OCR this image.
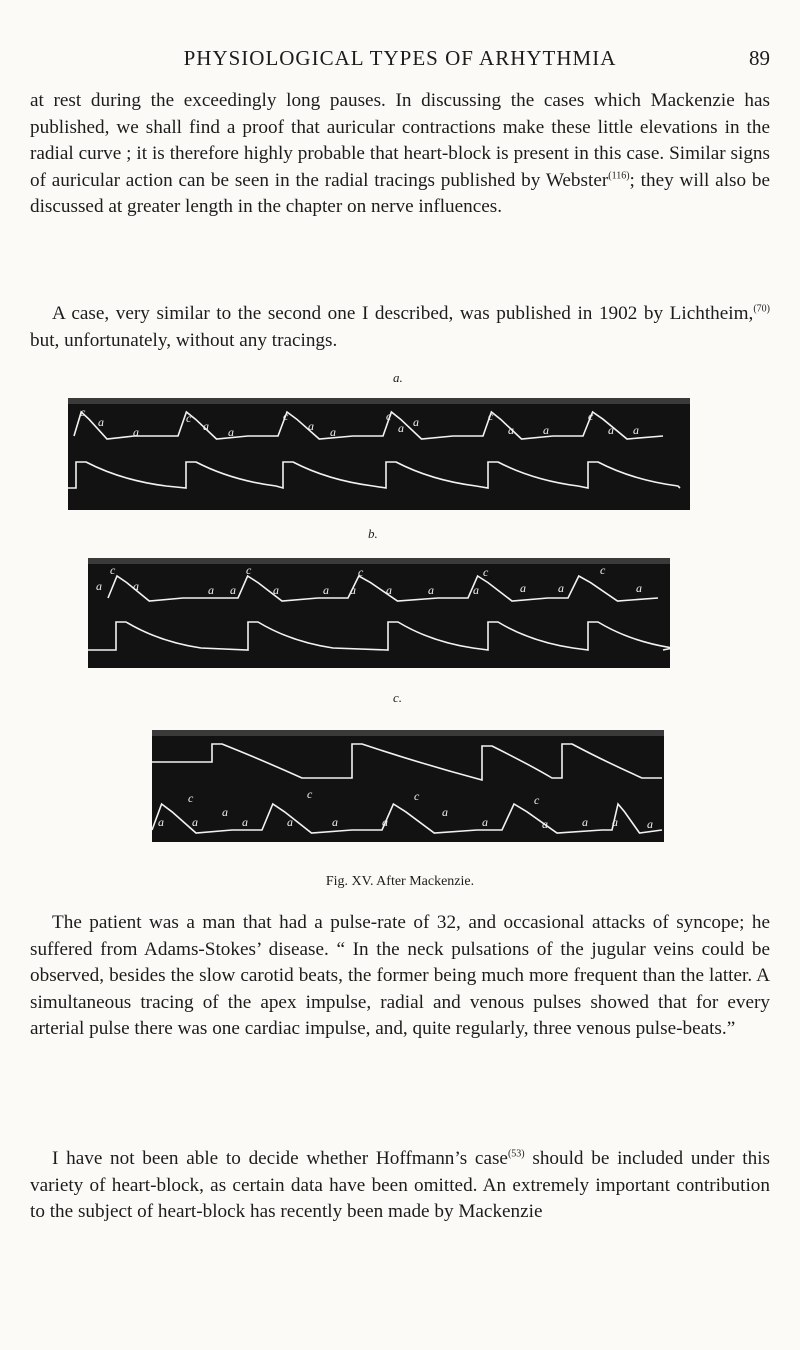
PHYSIOLOGICAL TYPES OF ARHYTHMIA	89

at rest during the exceedingly long pauses. In discussing the cases which Mackenzie has published, we shall find a proof that auricular contractions make these little elevations in the radial curve ; it is therefore highly probable that heart-block is present in this case. Similar signs of auricular action can be seen in the radial tracings published by Webster$^{(116)}$; they will also be discussed at greater length in the chapter on nerve influences.

A case, very similar to the second one I described, was published in 1902 by Lichtheim,$^{(70)}$ but, unfortunately, without any tracings.

a.
c	c	c	c	c	c
a
a	a a	a a	a a
a a	a a
b.
c	c	c	c	c
a	a	a a	a	a a	a	a	a	a	a	a
c.
c	c	c	c
a a
a
a	a	a	a
a
a	a	a a a
Fig. XV. After Mackenzie.

The patient was a man that had a pulse-rate of 32, and occasional attacks of syncope; he suffered from Adams-Stokes’ disease. “ In the neck pulsations of the jugular veins could be observed, besides the slow carotid beats, the former being much more frequent than the latter. A simultaneous tracing of the apex impulse, radial and venous pulses showed that for every arterial pulse there was one cardiac impulse, and, quite regularly, three venous pulse-beats.”

I have not been able to decide whether Hoffmann’s case$^{(53)}$ should be included under this variety of heart-block, as certain data have been omitted. An extremely important contribution to the subject of heart-block has recently been made by Mackenzie
